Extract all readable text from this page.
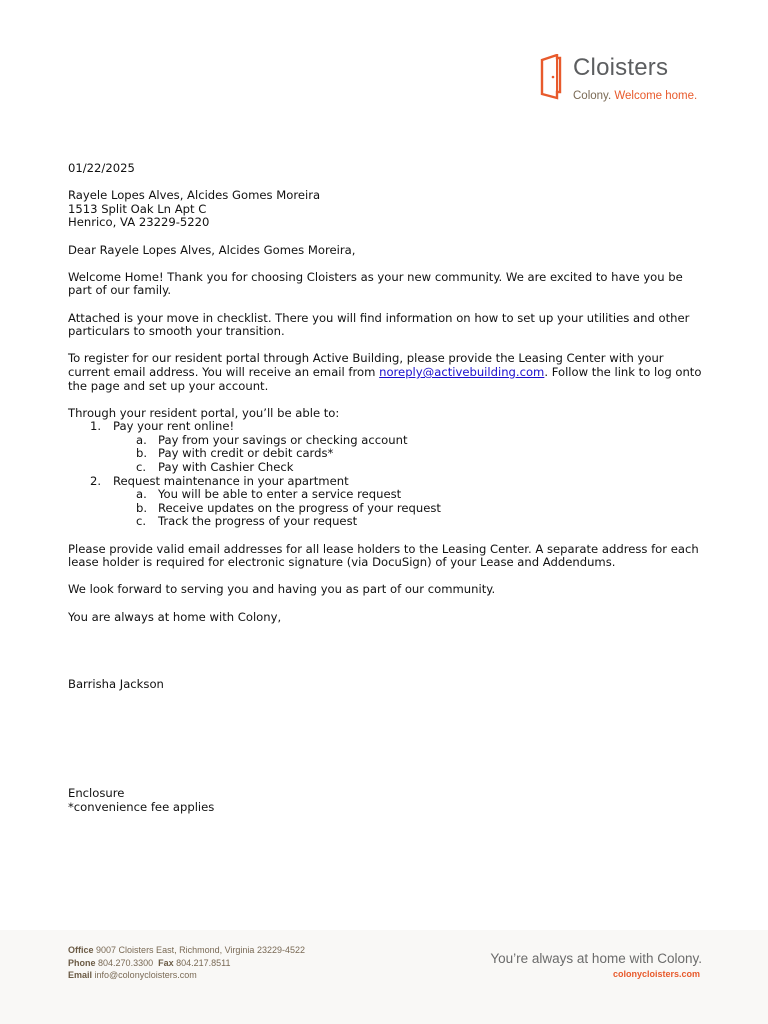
Cloisters
Colony. Welcome home.

01/22/2025

Rayele Lopes Alves, Alcides Gomes Moreira

1513 Split Oak Ln Apt C

Henrico, VA 23229-5220

Dear Rayele Lopes Alves, Alcides Gomes Moreira,

Welcome Home! Thank you for choosing Cloisters as your new community. We are excited to have you be part of our family.

Attached is your move in checklist. There you will find information on how to set up your utilities and other particulars to smooth your transition.

To register for our resident portal through Active Building, please provide the Leasing Center with your current email address. You will receive an email from noreply@activebuilding.com. Follow the link to log onto the page and set up your account.

Through your resident portal, you’ll be able to:

1. Pay your rent online!
a. Pay from your savings or checking account
b. Pay with credit or debit cards*
c. Pay with Cashier Check
2. Request maintenance in your apartment
a. You will be able to enter a service request
b. Receive updates on the progress of your request
c. Track the progress of your request

Please provide valid email addresses for all lease holders to the Leasing Center. A separate address for each lease holder is required for electronic signature (via DocuSign) of your Lease and Addendums.

We look forward to serving you and having you as part of our community.

You are always at home with Colony,

Barrisha Jackson
Enclosure
*convenience fee applies
Office 9007 Cloisters East, Richmond, Virginia 23229-4522
Phone 804.270.3300 Fax 804.217.8511
Email info@colonycloisters.com
You’re always at home with Colony.
colonycloisters.com
